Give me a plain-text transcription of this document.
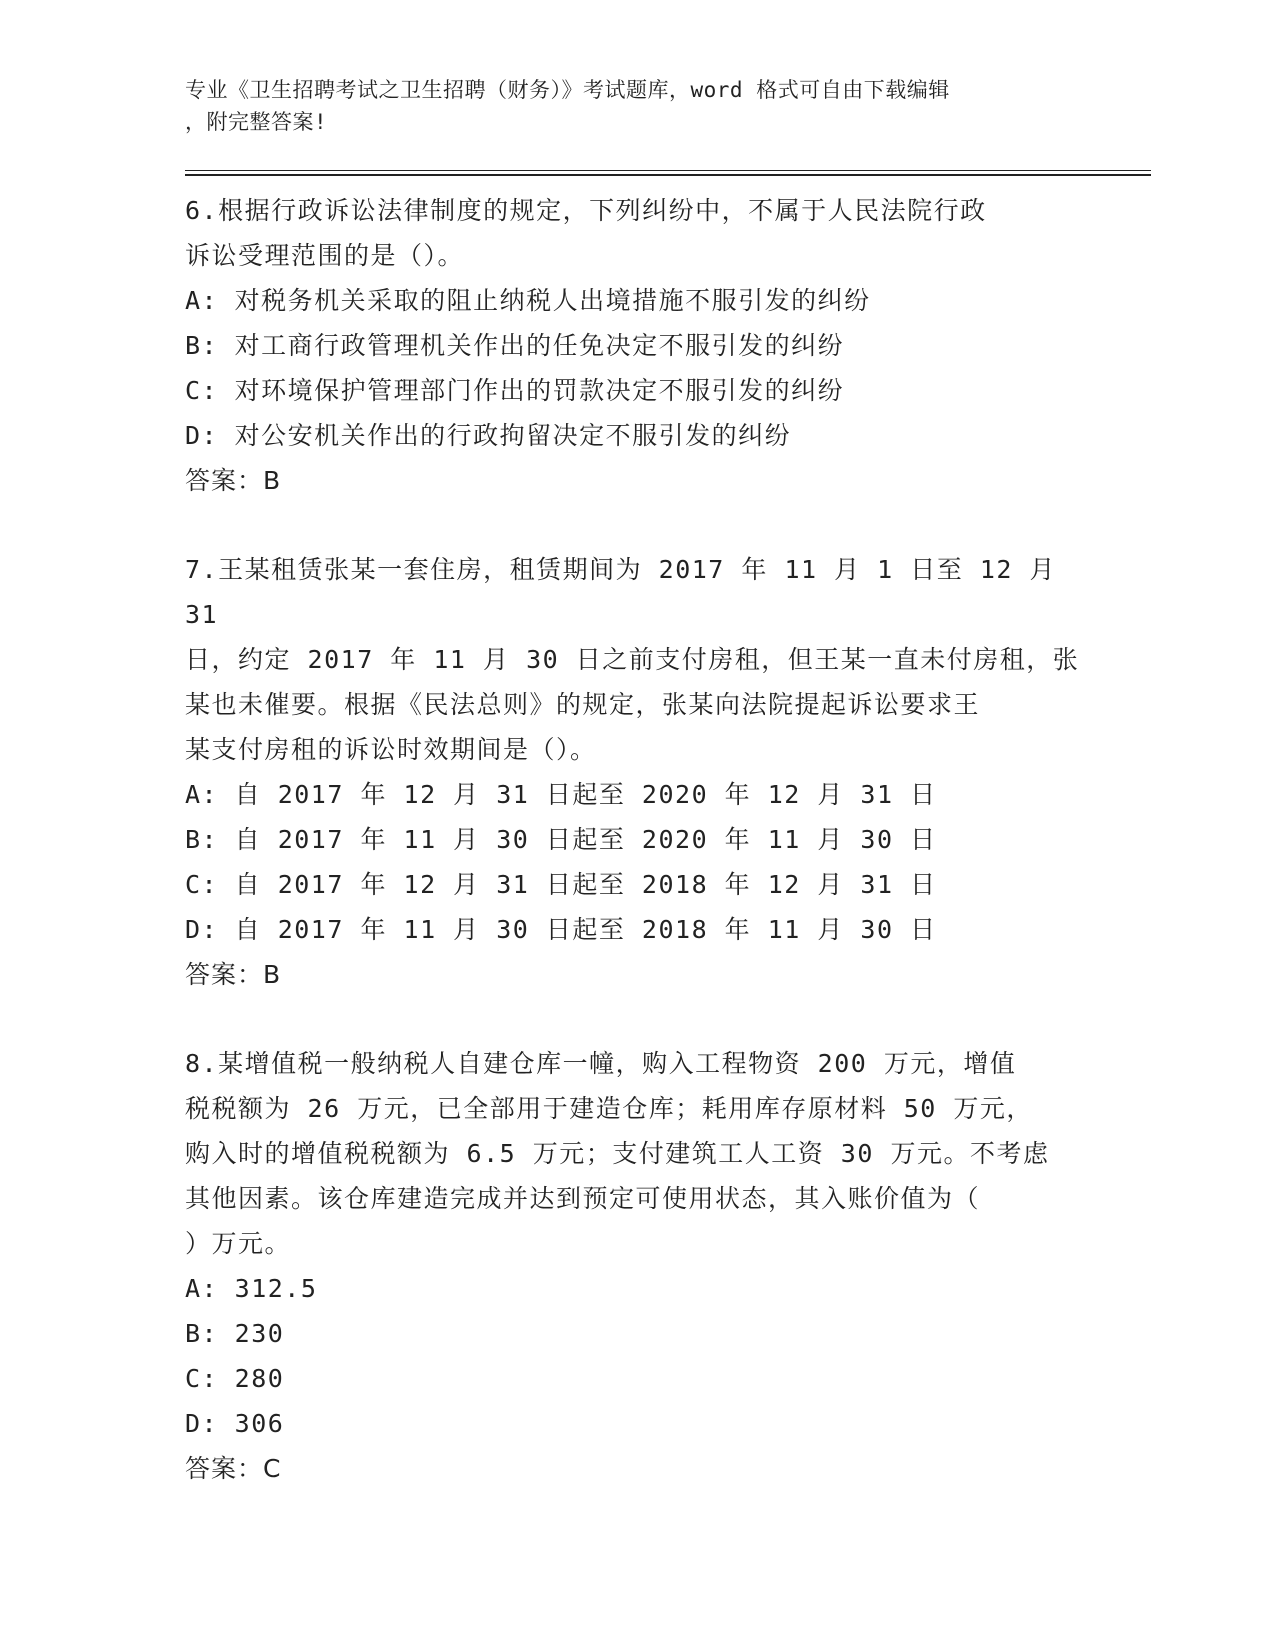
专业《卫生招聘考试之卫生招聘（财务）》考试题库，word 格式可自由下载编辑
，附完整答案!
6.根据行政诉讼法律制度的规定，下列纠纷中，不属于人民法院行政
诉讼受理范围的是（）。
A: 对税务机关采取的阻止纳税人出境措施不服引发的纠纷
B: 对工商行政管理机关作出的任免决定不服引发的纠纷
C: 对环境保护管理部门作出的罚款决定不服引发的纠纷
D: 对公安机关作出的行政拘留决定不服引发的纠纷
答案：B
7.王某租赁张某一套住房，租赁期间为 2017 年 11 月 1 日至 12 月 31
日，约定 2017 年 11 月 30 日之前支付房租，但王某一直未付房租，张
某也未催要。根据《民法总则》的规定，张某向法院提起诉讼要求王
某支付房租的诉讼时效期间是（）。
A: 自 2017 年 12 月 31 日起至 2020 年 12 月 31 日
B: 自 2017 年 11 月 30 日起至 2020 年 11 月 30 日
C: 自 2017 年 12 月 31 日起至 2018 年 12 月 31 日
D: 自 2017 年 11 月 30 日起至 2018 年 11 月 30 日
答案：B
8.某增值税一般纳税人自建仓库一幢，购入工程物资 200 万元，增值
税税额为 26 万元，已全部用于建造仓库；耗用库存原材料 50 万元，
购入时的增值税税额为 6.5 万元；支付建筑工人工资 30 万元。不考虑
其他因素。该仓库建造完成并达到预定可使用状态，其入账价值为（
）万元。
A: 312.5
B: 230
C: 280
D: 306
答案：C
